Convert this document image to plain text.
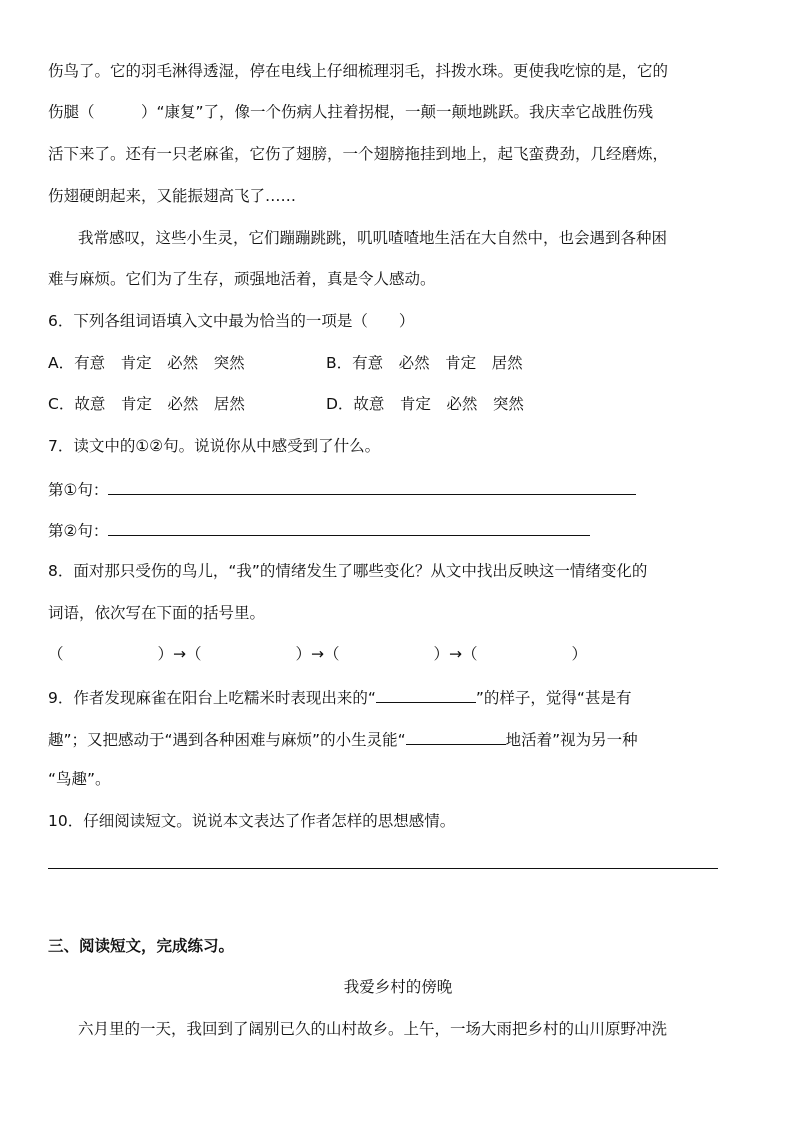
伤鸟了。它的羽毛淋得透湿，停在电线上仔细梳理羽毛，抖拨水珠。更使我吃惊的是，它的
伤腿（　　　）“康复”了，像一个伤病人拄着拐棍，一颠一颠地跳跃。我庆幸它战胜伤残
活下来了。还有一只老麻雀，它伤了翅膀，一个翅膀拖挂到地上，起飞蛮费劲，几经磨炼，
伤翅硬朗起来，又能振翅高飞了……
我常感叹，这些小生灵，它们蹦蹦跳跳，叽叽喳喳地生活在大自然中，也会遇到各种困
难与麻烦。它们为了生存，顽强地活着，真是令人感动。
6．下列各组词语填入文中最为恰当的一项是（　　）
A．有意　肯定　必然　突然	B．有意　必然　肯定　居然
C．故意　肯定　必然　居然	D．故意　肯定　必然　突然
7．读文中的①②句。说说你从中感受到了什么。
第①句：
第②句：
8．面对那只受伤的鸟儿，“我”的情绪发生了哪些变化？从文中找出反映这一情绪变化的
词语，依次写在下面的括号里。
（	）→（	）→（	）→（	）
9．作者发现麻雀在阳台上吃糯米时表现出来的“	”的样子，觉得“甚是有
趣”；又把感动于“遇到各种困难与麻烦”的小生灵能“	地活着”视为另一种
“鸟趣”。
10．仔细阅读短文。说说本文表达了作者怎样的思想感情。
三、阅读短文，完成练习。
我爱乡村的傍晚
六月里的一天，我回到了阔别已久的山村故乡。上午，一场大雨把乡村的山川原野冲洗
